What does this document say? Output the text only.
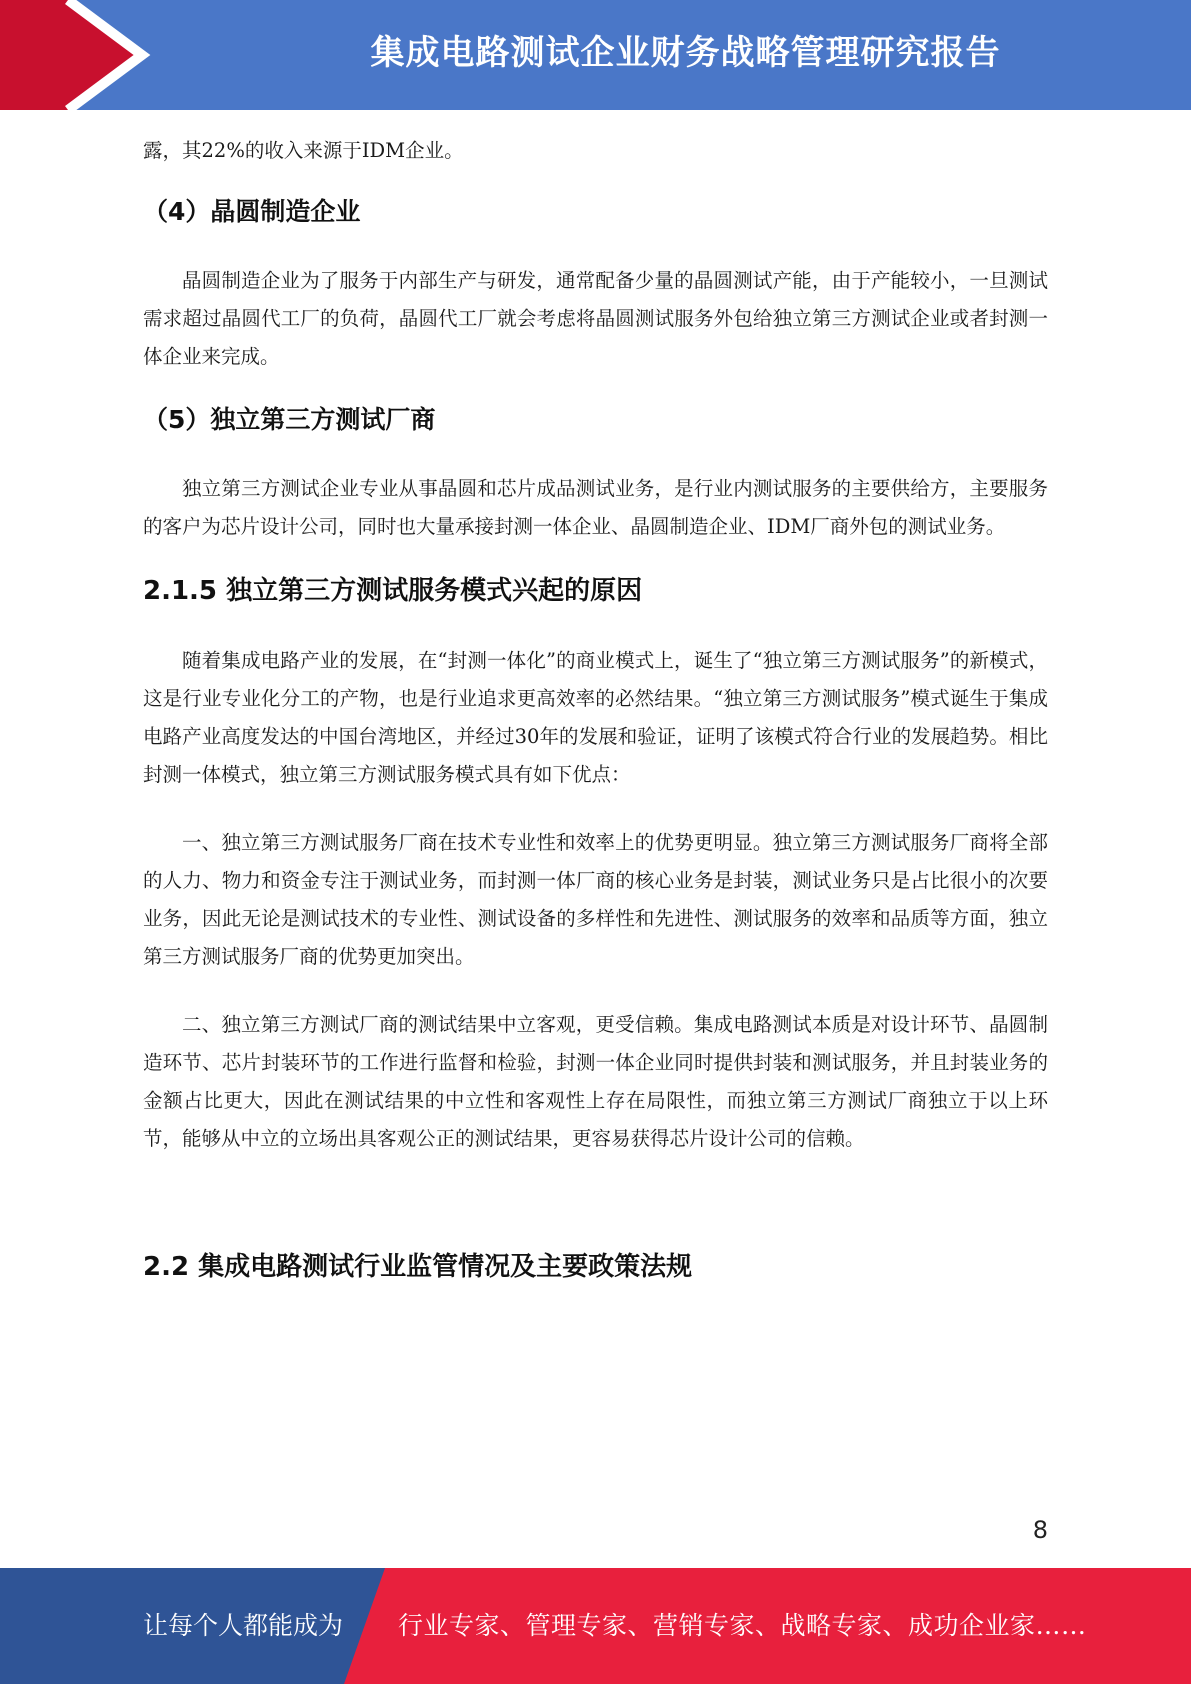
集成电路测试企业财务战略管理研究报告

露，其22%的收入来源于IDM企业。

（4）晶圆制造企业

晶圆制造企业为了服务于内部生产与研发，通常配备少量的晶圆测试产能，由于产能较小，一旦测试需求超过晶圆代工厂的负荷，晶圆代工厂就会考虑将晶圆测试服务外包给独立第三方测试企业或者封测一体企业来完成。

（5）独立第三方测试厂商

独立第三方测试企业专业从事晶圆和芯片成品测试业务，是行业内测试服务的主要供给方，主要服务的客户为芯片设计公司，同时也大量承接封测一体企业、晶圆制造企业、IDM厂商外包的测试业务。

2.1.5 独立第三方测试服务模式兴起的原因

随着集成电路产业的发展，在“封测一体化”的商业模式上，诞生了“独立第三方测试服务”的新模式，这是行业专业化分工的产物，也是行业追求更高效率的必然结果。“独立第三方测试服务”模式诞生于集成电路产业高度发达的中国台湾地区，并经过30年的发展和验证，证明了该模式符合行业的发展趋势。相比封测一体模式，独立第三方测试服务模式具有如下优点：

一、独立第三方测试服务厂商在技术专业性和效率上的优势更明显。独立第三方测试服务厂商将全部的人力、物力和资金专注于测试业务，而封测一体厂商的核心业务是封装，测试业务只是占比很小的次要业务，因此无论是测试技术的专业性、测试设备的多样性和先进性、测试服务的效率和品质等方面，独立第三方测试服务厂商的优势更加突出。

二、独立第三方测试厂商的测试结果中立客观，更受信赖。集成电路测试本质是对设计环节、晶圆制造环节、芯片封装环节的工作进行监督和检验，封测一体企业同时提供封装和测试服务，并且封装业务的金额占比更大，因此在测试结果的中立性和客观性上存在局限性，而独立第三方测试厂商独立于以上环节，能够从中立的立场出具客观公正的测试结果，更容易获得芯片设计公司的信赖。

2.2 集成电路测试行业监管情况及主要政策法规
8
让每个人都能成为 行业专家、管理专家、营销专家、战略专家、成功企业家……
